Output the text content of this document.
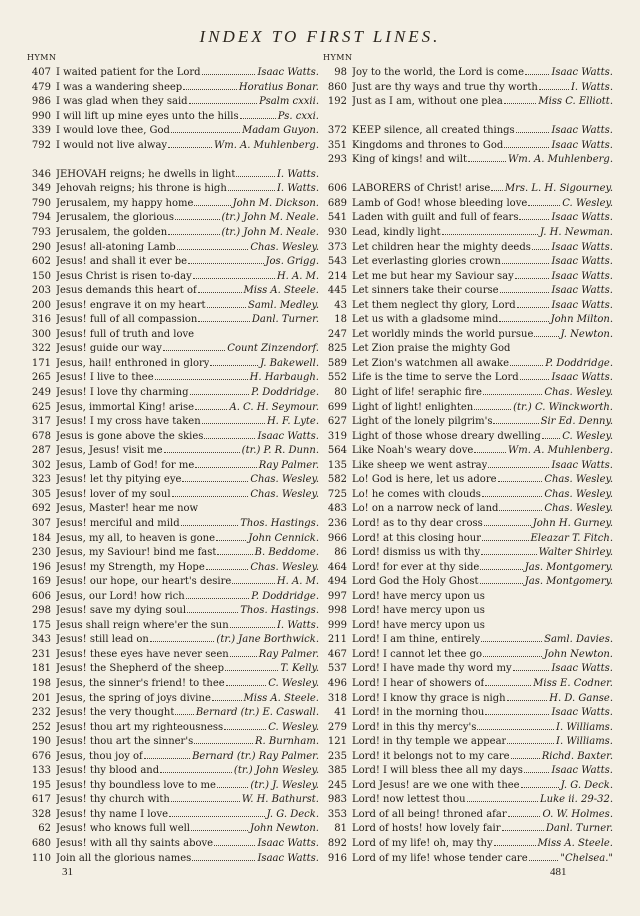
INDEX TO FIRST LINES.
HYMN
407 I waited patient for the Lord	Isaac Watts.
479 I was a wandering sheep	Horatius Bonar.
986 I was glad when they said	Psalm cxxii.
990 I will lift up mine eyes unto the hills	Ps. cxxi.
339 I would love thee, God	Madam Guyon.
792 I would not live alway	Wm. A. Muhlenberg.
346 JEHOVAH reigns; he dwells in light	I. Watts.
349 Jehovah reigns; his throne is high	I. Watts.
790 Jerusalem, my happy home	John M. Dickson.
794 Jerusalem, the glorious	(tr.) John M. Neale.
793 Jerusalem, the golden	(tr.) John M. Neale.
290 Jesus! all-atoning Lamb	Chas. Wesley.
602 Jesus! and shall it ever be	Jos. Grigg.
150 Jesus Christ is risen to-day	H. A. M.
203 Jesus demands this heart of	Miss A. Steele.
200 Jesus! engrave it on my heart	Saml. Medley.
316 Jesus! full of all compassion	Danl. Turner.
300 Jesus! full of truth and love
322 Jesus! guide our way	Count Zinzendorf.
171 Jesus, hail! enthroned in glory	J. Bakewell.
265 Jesus! I live to thee	H. Harbaugh.
249 Jesus! I love thy charming	P. Doddridge.
625 Jesus, immortal King! arise	A. C. H. Seymour.
317 Jesus! I my cross have taken	H. F. Lyte.
678 Jesus is gone above the skies	Isaac Watts.
287 Jesus, Jesus! visit me	(tr.) P. R. Dunn.
302 Jesus, Lamb of God! for me	Ray Palmer.
323 Jesus! let thy pitying eye	Chas. Wesley.
305 Jesus! lover of my soul	Chas. Wesley.
692 Jesus, Master! hear me now
307 Jesus! merciful and mild	Thos. Hastings.
184 Jesus, my all, to heaven is gone	John Cennick.
230 Jesus, my Saviour! bind me fast	B. Beddome.
196 Jesus! my Strength, my Hope	Chas. Wesley.
169 Jesus! our hope, our heart's desire	H. A. M.
606 Jesus, our Lord! how rich	P. Doddridge.
298 Jesus! save my dying soul	Thos. Hastings.
175 Jesus shall reign where'er the sun	I. Watts.
343 Jesus! still lead on	(tr.) Jane Borthwick.
231 Jesus! these eyes have never seen	Ray Palmer.
181 Jesus! the Shepherd of the sheep	T. Kelly.
198 Jesus, the sinner's friend! to thee	C. Wesley.
201 Jesus, the spring of joys divine	Miss A. Steele.
232 Jesus! the very thought Bernard (tr.) E. Caswall.
252 Jesus! thou art my righteousness	C. Wesley.
190 Jesus! thou art the sinner's	R. Burnham.
676 Jesus, thou joy of	Bernard (tr.) Ray Palmer.
133 Jesus! thy blood and	(tr.) John Wesley.
195 Jesus! thy boundless love to me	(tr.) J. Wesley.
617 Jesus! thy church with	W. H. Bathurst.
328 Jesus! thy name I love	J. G. Deck.
62 Jesus! who knows full well	John Newton.
680 Jesus! with all thy saints above	Isaac Watts.
110 Join all the glorious names	Isaac Watts.
HYMN
98 Joy to the world, the Lord is come	Isaac Watts.
860 Just are thy ways and true thy worth	I. Watts.
192 Just as I am, without one plea	Miss C. Elliott.
372 KEEP silence, all created things	Isaac Watts.
351 Kingdoms and thrones to God	Isaac Watts.
293 King of kings! and wilt	Wm. A. Muhlenberg.
606 LABORERS of Christ! arise Mrs. L. H. Sigourney.
689 Lamb of God! whose bleeding love	C. Wesley.
541 Laden with guilt and full of fears	Isaac Watts.
930 Lead, kindly light	J. H. Newman.
373 Let children hear the mighty deeds Isaac Watts.
543 Let everlasting glories crown	Isaac Watts.
214 Let me but hear my Saviour say	Isaac Watts.
445 Let sinners take their course	Isaac Watts.
43 Let them neglect thy glory, Lord	Isaac Watts.
18 Let us with a gladsome mind	John Milton.
247 Let worldly minds the world pursue	J. Newton.
825 Let Zion praise the mighty God
589 Let Zion's watchmen all awake	P. Doddridge.
552 Life is the time to serve the Lord	Isaac Watts.
80 Light of life! seraphic fire	Chas. Wesley.
699 Light of light! enlighten	(tr.) C. Winckworth.
627 Light of the lonely pilgrim's	Sir Ed. Denny.
319 Light of those whose dreary dwelling C. Wesley.
564 Like Noah's weary dove	Wm. A. Muhlenberg.
135 Like sheep we went astray	Isaac Watts.
582 Lo! God is here, let us adore	Chas. Wesley.
725 Lo! he comes with clouds	Chas. Wesley.
483 Lo! on a narrow neck of land	Chas. Wesley.
236 Lord! as to thy dear cross	John H. Gurney.
966 Lord! at this closing hour	Eleazar T. Fitch.
86 Lord! dismiss us with thy	Walter Shirley.
464 Lord! for ever at thy side	Jas. Montgomery.
494 Lord God the Holy Ghost	Jas. Montgomery.
997 Lord! have mercy upon us
998 Lord! have mercy upon us
999 Lord! have mercy upon us
211 Lord! I am thine, entirely	Saml. Davies.
467 Lord! I cannot let thee go	John Newton.
537 Lord! I have made thy word my	Isaac Watts.
496 Lord! I hear of showers of	Miss E. Codner.
318 Lord! I know thy grace is nigh	H. D. Ganse.
41 Lord! in the morning thou	Isaac Watts.
279 Lord! in this thy mercy's	I. Williams.
121 Lord! in thy temple we appear	I. Williams.
235 Lord! it belongs not to my care	Richd. Baxter.
385 Lord! I will bless thee all my days	Isaac Watts.
245 Lord Jesus! are we one with thee	J. G. Deck.
983 Lord! now lettest thou	Luke ii. 29-32.
353 Lord of all being! throned afar	O. W. Holmes.
81 Lord of hosts! how lovely fair	Danl. Turner.
892 Lord of my life! oh, may thy	Miss A. Steele.
916 Lord of my life! whose tender care	"Chelsea."
31	481
